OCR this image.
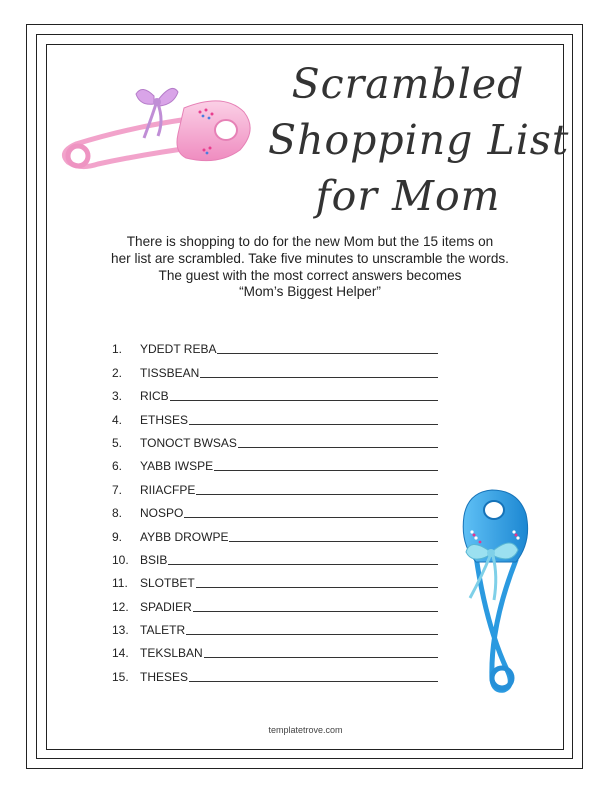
Scrambled
Shopping List
for Mom
There is shopping to do for the new Mom but the 15 items on
her list are scrambled. Take five minutes to unscramble the words.
The guest with the most correct answers becomes
“Mom’s Biggest Helper”
1.	YDEDT REBA
2.	TISSBEAN
3.	RICB
4.	ETHSES
5.	TONOCT BWSAS
6.	YABB IWSPE
7.	RIIACFPE
8.	NOSPO
9.	AYBB DROWPE
10. BSIB
11.	SLOTBET
12. SPADIER
13. TALETR
14. TEKSLBAN
15. THESES
templatetrove.com
